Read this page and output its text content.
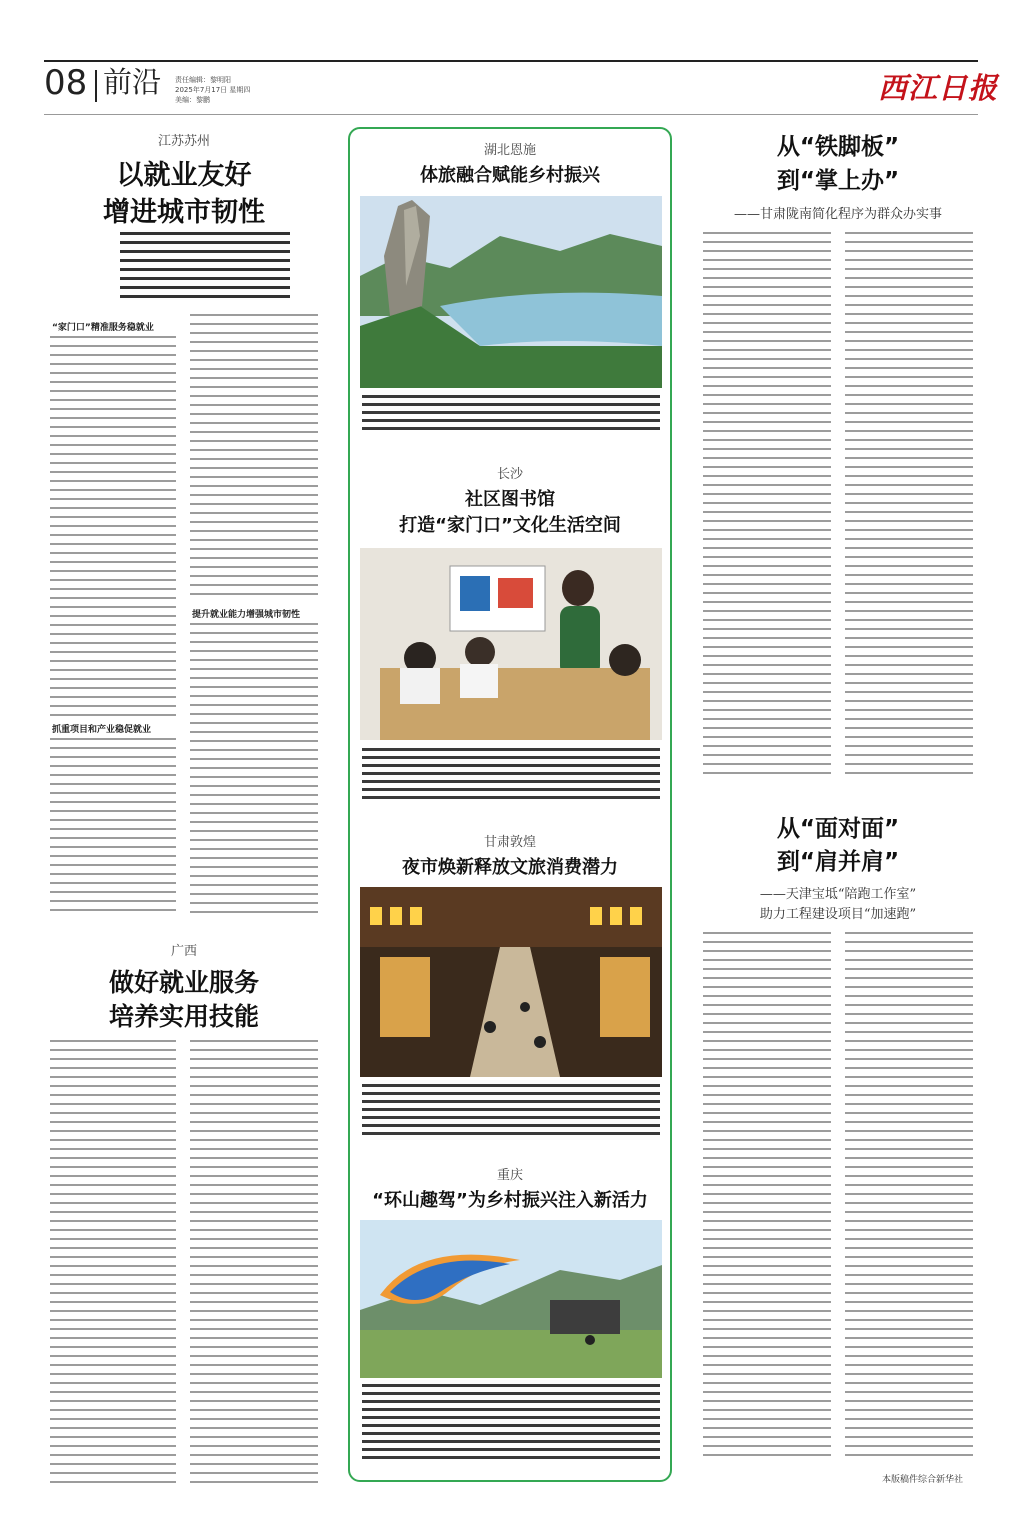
08 前沿 责任编辑：黎明阳
2025年7月17日 星期四
美编：黎鹏	西江日报
江苏苏州
以就业友好
增进城市韧性
“家门口”精准服务稳就业
抓重项目和产业稳促就业
提升就业能力增强城市韧性
广西
做好就业服务
培养实用技能
湖北恩施
体旅融合赋能乡村振兴
长沙
社区图书馆
打造“家门口”文化生活空间
甘肃敦煌
夜市焕新释放文旅消费潜力
重庆
“环山趣驾”为乡村振兴注入新活力
从“铁脚板”
到“掌上办”
——甘肃陇南简化程序为群众办实事
从“面对面”
到“肩并肩”
——天津宝坻“陪跑工作室”
助力工程建设项目“加速跑”
本版稿件综合新华社
